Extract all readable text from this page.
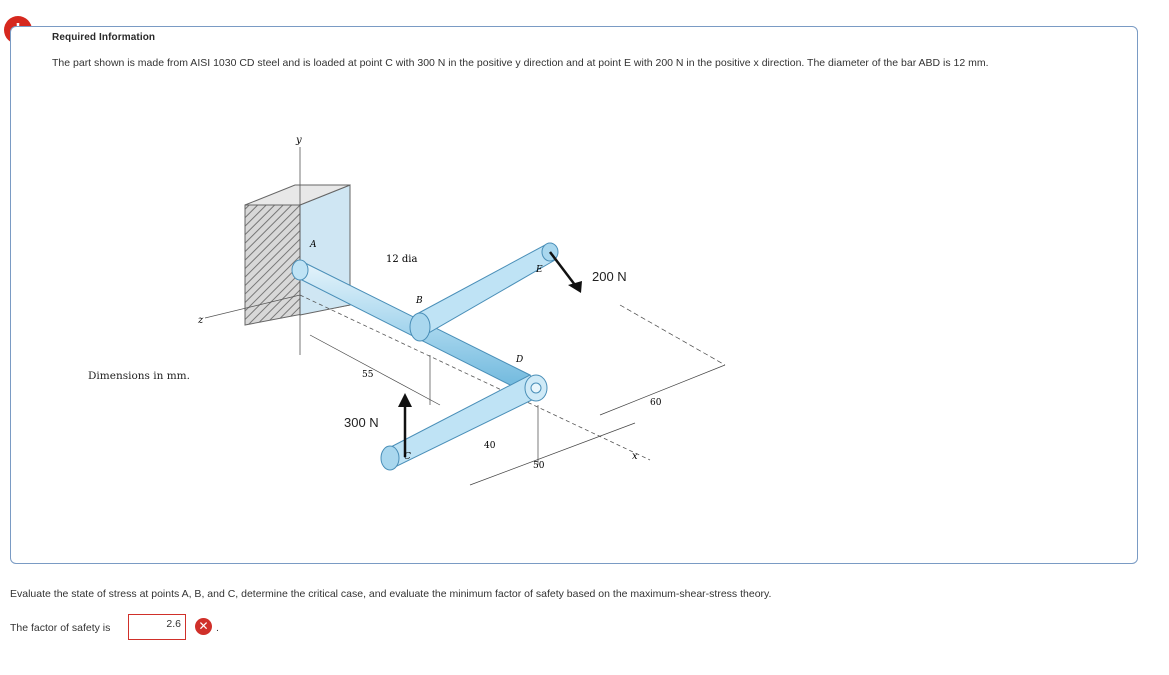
Required Information
The part shown is made from AISI 1030 CD steel and is loaded at point C with 300 N in the positive y direction and at point E with 200 N in the positive x direction. The diameter of the bar ABD is 12 mm.
Dimensions in mm.
y
z
x
A
B
C
D
E
12 dia
200 N
300 N
55
40
50
60
Evaluate the state of stress at points A, B, and C, determine the critical case, and evaluate the minimum factor of safety based on the maximum-shear-stress theory.
The factor of safety is	2.6	✕ .
